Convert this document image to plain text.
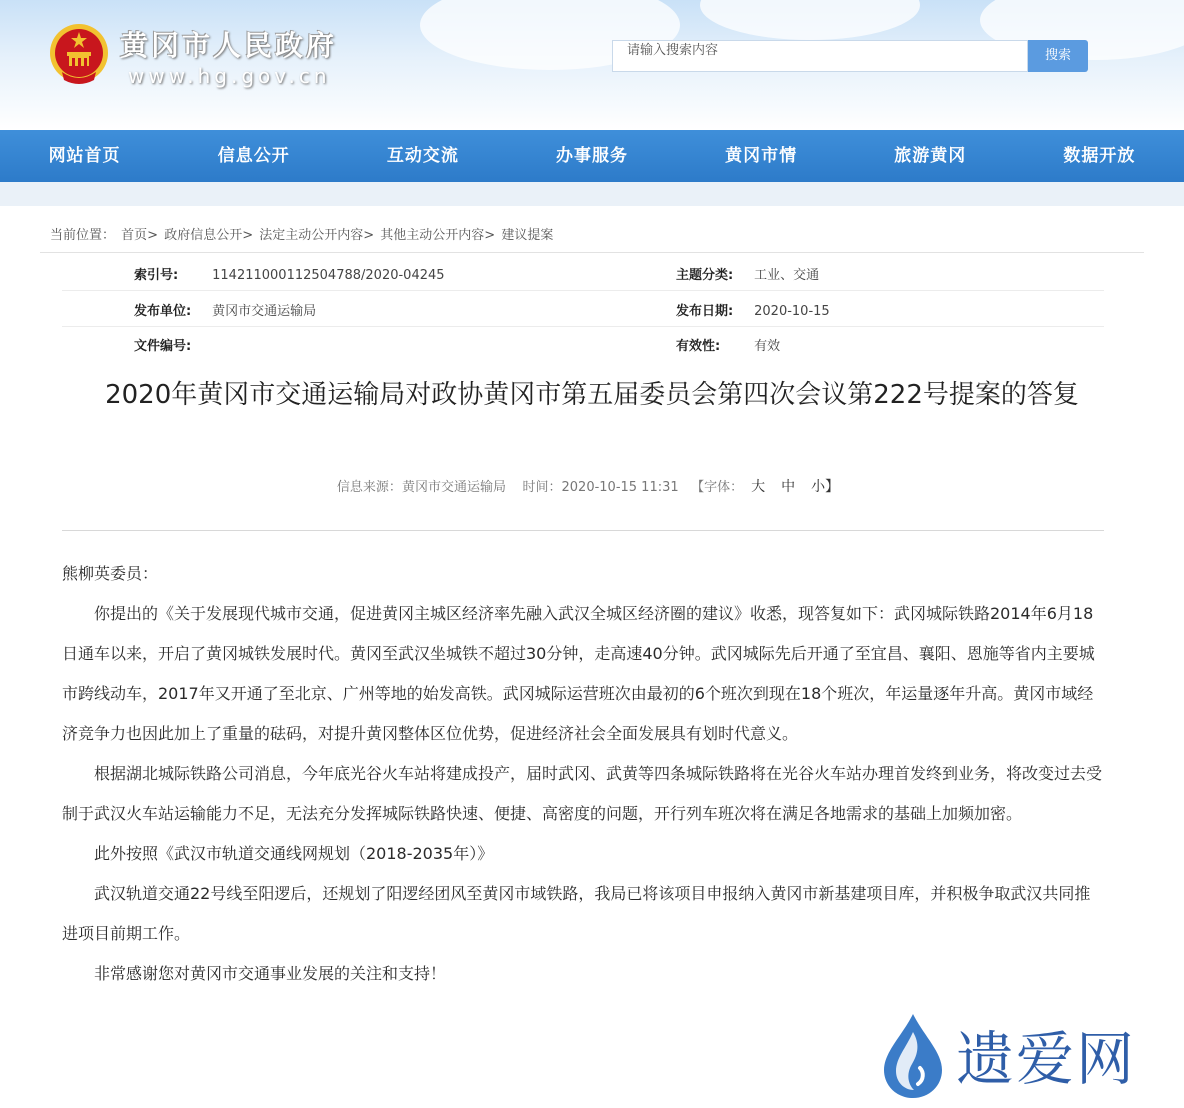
黄冈市人民政府
www.hg.gov.cn
请输入搜索内容	搜索
网站首页	信息公开	互动交流	办事服务	黄冈市情	旅游黄冈	数据开放
当前位置： 首页> 政府信息公开> 法定主动公开内容> 其他主动公开内容> 建议提案
索引号:	114211000112504788/2020-04245	主题分类: 工业、交通
发布单位: 黄冈市交通运输局	发布日期: 2020-10-15
文件编号:	有效性:	有效
2020年黄冈市交通运输局对政协黄冈市第五届委员会第四次会议第222号提案的答复
信息来源：黄冈市交通运输局 时间：2020-10-15 11:31 【字体： 大 中 小】

熊柳英委员：

你提出的《关于发展现代城市交通，促进黄冈主城区经济率先融入武汉全城区经济圈的建议》收悉，现答复如下：武冈城际铁路2014年6月18日通车以来，开启了黄冈城铁发展时代。黄冈至武汉坐城铁不超过30分钟，走高速40分钟。武冈城际先后开通了至宜昌、襄阳、恩施等省内主要城市跨线动车，2017年又开通了至北京、广州等地的始发高铁。武冈城际运营班次由最初的6个班次到现在18个班次，年运量逐年升高。黄冈市域经济竞争力也因此加上了重量的砝码，对提升黄冈整体区位优势，促进经济社会全面发展具有划时代意义。

根据湖北城际铁路公司消息，今年底光谷火车站将建成投产，届时武冈、武黄等四条城际铁路将在光谷火车站办理首发终到业务，将改变过去受制于武汉火车站运输能力不足，无法充分发挥城际铁路快速、便捷、高密度的问题，开行列车班次将在满足各地需求的基础上加频加密。

此外按照《武汉市轨道交通线网规划（2018-2035年）》

武汉轨道交通22号线至阳逻后，还规划了阳逻经团风至黄冈市域铁路，我局已将该项目申报纳入黄冈市新基建项目库，并积极争取武汉共同推进项目前期工作。

非常感谢您对黄冈市交通事业发展的关注和支持！

遗爱网
